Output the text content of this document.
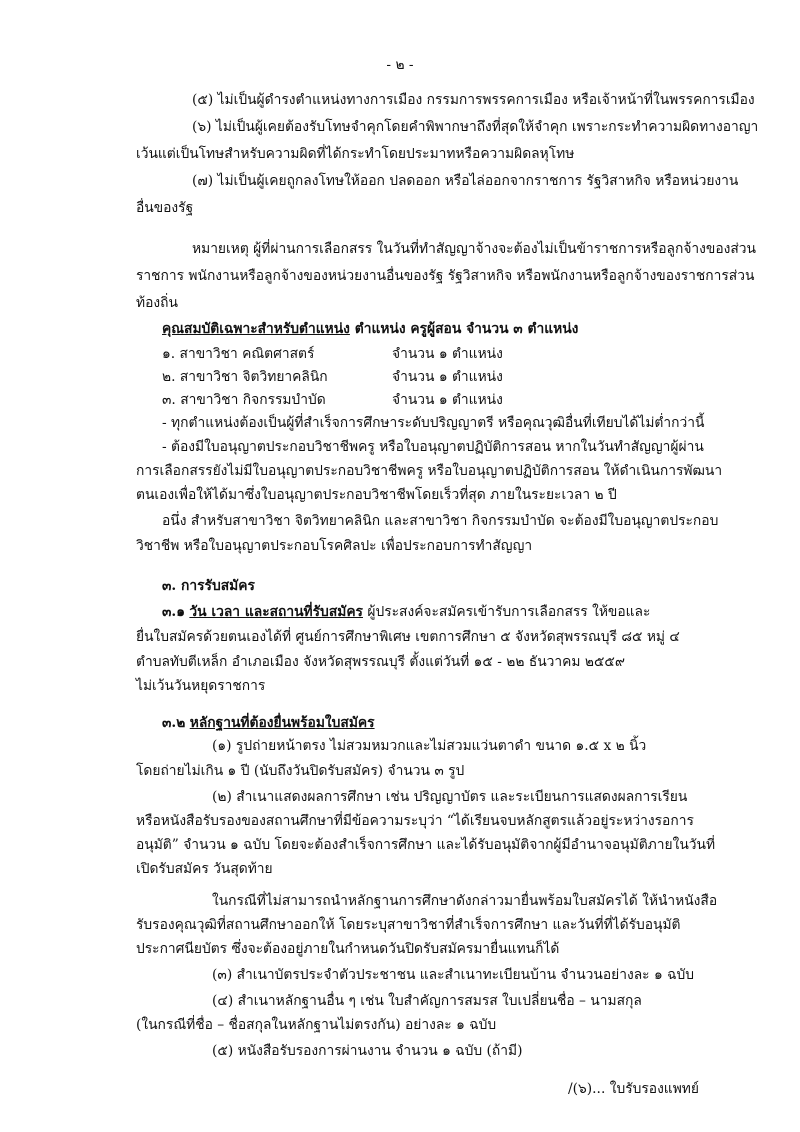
- ๒ -
(๕) ไม่เป็นผู้ดำรงตำแหน่งทางการเมือง กรรมการพรรคการเมือง หรือเจ้าหน้าที่ในพรรคการเมือง
(๖) ไม่เป็นผู้เคยต้องรับโทษจำคุกโดยคำพิพากษาถึงที่สุดให้จำคุก เพราะกระทำความผิดทางอาญา
เว้นแต่เป็นโทษสำหรับความผิดที่ได้กระทำโดยประมาทหรือความผิดลหุโทษ
(๗) ไม่เป็นผู้เคยถูกลงโทษให้ออก ปลดออก หรือไล่ออกจากราชการ รัฐวิสาหกิจ หรือหน่วยงาน
อื่นของรัฐ
หมายเหตุ ผู้ที่ผ่านการเลือกสรร ในวันที่ทำสัญญาจ้างจะต้องไม่เป็นข้าราชการหรือลูกจ้างของส่วน
ราชการ พนักงานหรือลูกจ้างของหน่วยงานอื่นของรัฐ รัฐวิสาหกิจ หรือพนักงานหรือลูกจ้างของราชการส่วน
ท้องถิ่น
คุณสมบัติเฉพาะสำหรับตำแหน่ง ตำแหน่ง ครูผู้สอน จำนวน ๓ ตำแหน่ง
๑. สาขาวิชา คณิตศาสตร์	จำนวน ๑ ตำแหน่ง
๒. สาขาวิชา จิตวิทยาคลินิก	จำนวน ๑ ตำแหน่ง
๓. สาขาวิชา กิจกรรมบำบัด	จำนวน ๑ ตำแหน่ง
- ทุกตำแหน่งต้องเป็นผู้ที่สำเร็จการศึกษาระดับปริญญาตรี หรือคุณวุฒิอื่นที่เทียบได้ไม่ต่ำกว่านี้
- ต้องมีใบอนุญาตประกอบวิชาชีพครู หรือใบอนุญาตปฏิบัติการสอน หากในวันทำสัญญาผู้ผ่าน
การเลือกสรรยังไม่มีใบอนุญาตประกอบวิชาชีพครู หรือใบอนุญาตปฏิบัติการสอน ให้ดำเนินการพัฒนา
ตนเองเพื่อให้ได้มาซึ่งใบอนุญาตประกอบวิชาชีพโดยเร็วที่สุด ภายในระยะเวลา ๒ ปี
อนึ่ง สำหรับสาขาวิชา จิตวิทยาคลินิก และสาขาวิชา กิจกรรมบำบัด จะต้องมีใบอนุญาตประกอบ
วิชาชีพ หรือใบอนุญาตประกอบโรคศิลปะ เพื่อประกอบการทำสัญญา
๓. การรับสมัคร
๓.๑ วัน เวลา และสถานที่รับสมัคร ผู้ประสงค์จะสมัครเข้ารับการเลือกสรร ให้ขอและ
ยื่นใบสมัครด้วยตนเองได้ที่ ศูนย์การศึกษาพิเศษ เขตการศึกษา ๕ จังหวัดสุพรรณบุรี ๘๕ หมู่ ๔
ตำบลทับตีเหล็ก อำเภอเมือง จังหวัดสุพรรณบุรี ตั้งแต่วันที่ ๑๕ - ๒๒ ธันวาคม ๒๕๕๙
ไม่เว้นวันหยุดราชการ
๓.๒ หลักฐานที่ต้องยื่นพร้อมใบสมัคร
(๑) รูปถ่ายหน้าตรง ไม่สวมหมวกและไม่สวมแว่นตาดำ ขนาด ๑.๕ x ๒ นิ้ว
โดยถ่ายไม่เกิน ๑ ปี (นับถึงวันปิดรับสมัคร) จำนวน ๓ รูป
(๒) สำเนาแสดงผลการศึกษา เช่น ปริญญาบัตร และระเบียนการแสดงผลการเรียน
หรือหนังสือรับรองของสถานศึกษาที่มีข้อความระบุว่า “ได้เรียนจบหลักสูตรแล้วอยู่ระหว่างรอการ
อนุมัติ” จำนวน ๑ ฉบับ โดยจะต้องสำเร็จการศึกษา และได้รับอนุมัติจากผู้มีอำนาจอนุมัติภายในวันที่
เปิดรับสมัคร วันสุดท้าย
ในกรณีที่ไม่สามารถนำหลักฐานการศึกษาดังกล่าวมายื่นพร้อมใบสมัครได้ ให้นำหนังสือ
รับรองคุณวุฒิที่สถานศึกษาออกให้ โดยระบุสาขาวิชาที่สำเร็จการศึกษา และวันที่ที่ได้รับอนุมัติ
ประกาศนียบัตร ซึ่งจะต้องอยู่ภายในกำหนดวันปิดรับสมัครมายื่นแทนก็ได้
(๓) สำเนาบัตรประจำตัวประชาชน และสำเนาทะเบียนบ้าน จำนวนอย่างละ ๑ ฉบับ
(๔) สำเนาหลักฐานอื่น ๆ เช่น ใบสำคัญการสมรส ใบเปลี่ยนชื่อ – นามสกุล
(ในกรณีที่ชื่อ – ชื่อสกุลในหลักฐานไม่ตรงกัน) อย่างละ ๑ ฉบับ
(๕) หนังสือรับรองการผ่านงาน จำนวน ๑ ฉบับ (ถ้ามี)
/(๖)... ใบรับรองแพทย์
